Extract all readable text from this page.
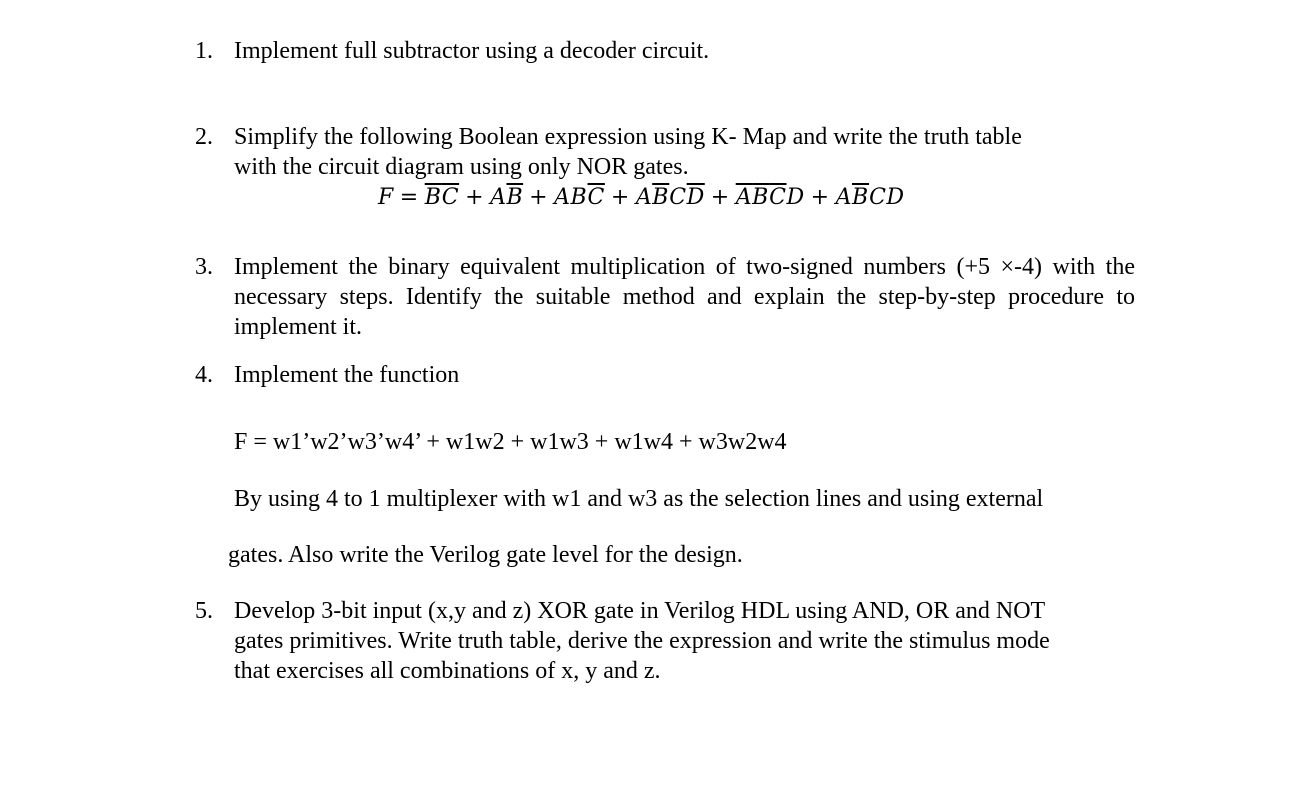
1. Implement full subtractor using a decoder circuit.
2. Simplify the following Boolean expression using K- Map and write the truth table
with the circuit diagram using only NOR gates.
$F = \overline{B}\overline{C} + A\overline{B} + AB\overline{C} + A\overline{B}C\overline{D} + \overline{A}\overline{B}\overline{C}D + A\overline{B}CD$
3. Implement the binary equivalent multiplication of two-signed numbers (+5 ×-4) with the necessary steps. Identify the suitable method and explain the step-by-step procedure to implement it.
4. Implement the function
F = w1’w2’w3’w4’ + w1w2 + w1w3 + w1w4 + w3w2w4
By using 4 to 1 multiplexer with w1 and w3 as the selection lines and using external
gates. Also write the Verilog gate level for the design.
5. Develop 3-bit input (x,y and z) XOR gate in Verilog HDL using AND, OR and NOT
gates primitives. Write truth table, derive the expression and write the stimulus mode
that exercises all combinations of x, y and z.
